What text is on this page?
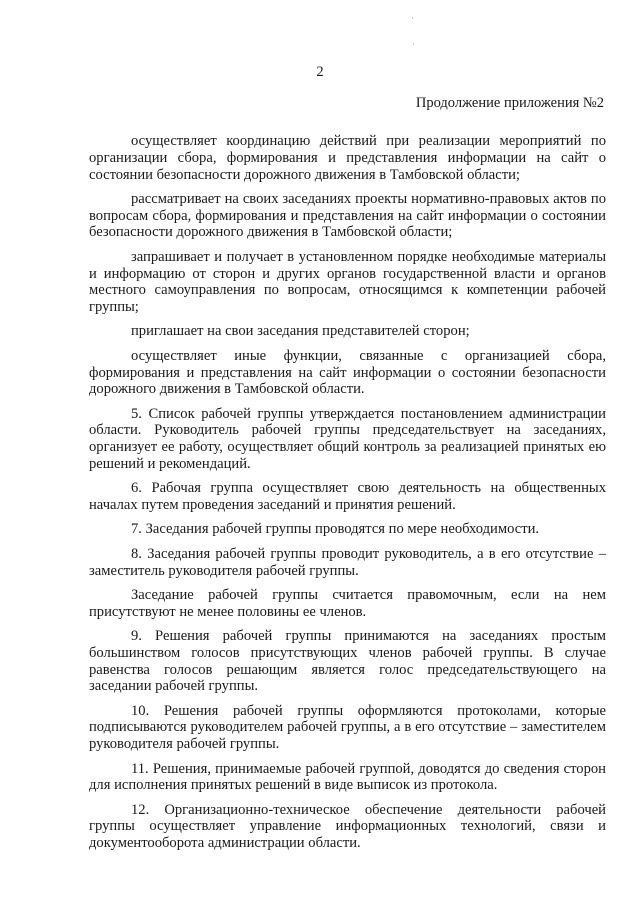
·
·
2
Продолжение приложения №2

осуществляет координацию действий при реализации мероприятий по организации сбора, формирования и представления информации на сайт о состоянии безопасности дорожного движения в Тамбовской области;

рассматривает на своих заседаниях проекты нормативно-правовых актов по вопросам сбора, формирования и представления на сайт информации о состоянии безопасности дорожного движения в Тамбовской области;

запрашивает и получает в установленном порядке необходимые материалы и информацию от сторон и других органов государственной власти и органов местного самоуправления по вопросам, относящимся к компетенции рабочей группы;

приглашает на свои заседания представителей сторон;

осуществляет иные функции, связанные с организацией сбора, формирования и представления на сайт информации о состоянии безопасности дорожного движения в Тамбовской области.

5. Список рабочей группы утверждается постановлением администрации области. Руководитель рабочей группы председательствует на заседаниях, организует ее работу, осуществляет общий контроль за реализацией принятых ею решений и рекомендаций.

6. Рабочая группа осуществляет свою деятельность на общественных началах путем проведения заседаний и принятия решений.

7. Заседания рабочей группы проводятся по мере необходимости.

8. Заседания рабочей группы проводит руководитель, а в его отсутствие – заместитель руководителя рабочей группы.

Заседание рабочей группы считается правомочным, если на нем присутствуют не менее половины ее членов.

9. Решения рабочей группы принимаются на заседаниях простым большинством голосов присутствующих членов рабочей группы. В случае равенства голосов решающим является голос председательствующего на заседании рабочей группы.

10. Решения рабочей группы оформляются протоколами, которые подписываются руководителем рабочей группы, а в его отсутствие – заместителем руководителя рабочей группы.

11. Решения, принимаемые рабочей группой, доводятся до сведения сторон для исполнения принятых решений в виде выписок из протокола.

12. Организационно-техническое обеспечение деятельности рабочей группы осуществляет управление информационных технологий, связи и документооборота администрации области.
